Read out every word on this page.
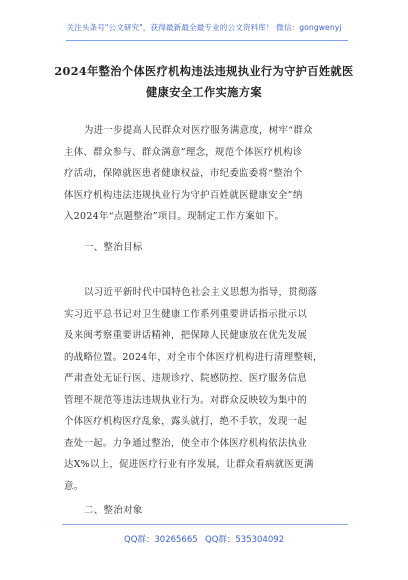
关注头条号"公文研究"，获得最新最全最专业的公文资料库！ 微信：gongwenyj
2024年整治个体医疗机构违法违规执业行为守护百姓就医
健康安全工作实施方案
为进一步提高人民群众对医疗服务满意度，树牢“群众
主体、群众参与、群众满意”理念，规范个体医疗机构诊
疗活动，保障就医患者健康权益，市纪委监委将“整治个
体医疗机构违法违规执业行为守护百姓就医健康安全”纳
入2024年“点题整治”项目。现制定工作方案如下。
一、整治目标
以习近平新时代中国特色社会主义思想为指导，贯彻落
实习近平总书记对卫生健康工作系列重要讲话指示批示以
及来闽考察重要讲话精神，把保障人民健康放在优先发展
的战略位置。2024年，对全市个体医疗机构进行清理整顿，
严肃查处无证行医、违规诊疗、院感防控、医疗服务信息
管理不规范等违法违规执业行为。对群众反映较为集中的
个体医疗机构医疗乱象，露头就打，绝不手软，发现一起
查处一起。力争通过整治，使全市个体医疗机构依法执业
达X%以上，促进医疗行业有序发展，让群众看病就医更满
意。
二、整治对象
QQ群：30265665 QQ群：535304092
